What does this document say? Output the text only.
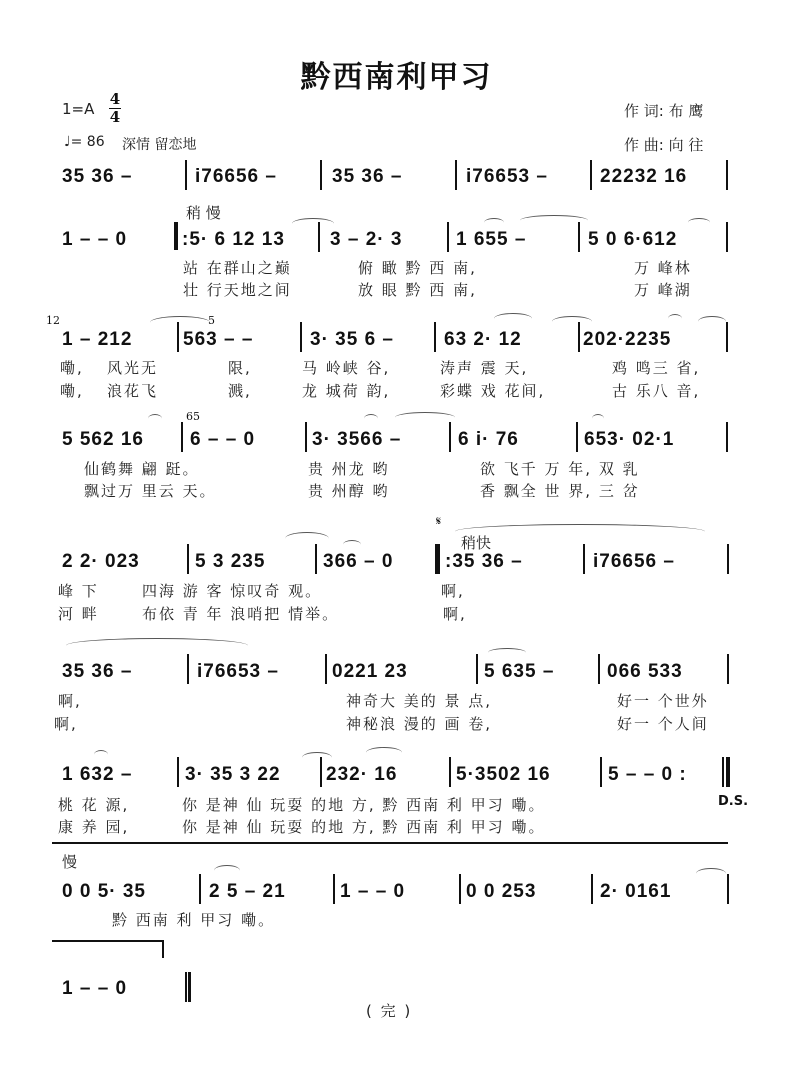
黔西南利甲习
1=A
4
4
♩= 86 深情 留恋地
作 词: 布 鹰
作 曲: 向 往
35 36 –	i76656 –	35 36 –	i76653 –	22232 16
稍 慢
1 – – 0	:5· 6 12 13 3 – 2· 3	1 655 –	5 0 6·612
站 在群山之巅	俯 瞰 黔 西 南,	万 峰林
壮 行天地之间	放 眼 黔 西 南,	万 峰湖
12
1 – 212
5
563 – –	3· 35 6 –	63 2· 12	202·2235
嘞, 风光无	限,	马 岭峡 谷,	涛声 震 天,	鸡 鸣三 省,
嘞, 浪花飞	溅,	龙 城荷 韵,	彩蝶 戏 花间,	古 乐八 音,
5 562 16
65
6 – – 0	3· 3566 –	6 i· 76	653· 02·1
仙鹤舞 翩 跹。	贵 州龙 哟	欲 飞千 万 年, 双 乳
飘过万 里云 天。	贵 州醇 哟	香 飘全 世 界, 三 岔
𝄋
稍快
2 2· 023	5 3 235	366 – 0	:35 36 –	i76656 –
峰 下	四海 游 客 惊叹奇 观。	啊,
河 畔	布依 青 年 浪哨把 情举。	啊,
35 36 –	i76653 –	0221 23	5 635 –	066 533
啊,	神奇大 美的 景 点,	好一 个世外
啊,	神秘浪 漫的 画 卷,	好一 个人间
1 632 –	3· 35 3 22 232· 16	5·3502 16	5 – – 0 :
D.S.
桃 花 源,	你 是神 仙 玩耍 的地 方, 黔 西南 利 甲习 嘞。
康 养 园,	你 是神 仙 玩耍 的地 方, 黔 西南 利 甲习 嘞。
慢
0 0 5· 35	2 5 – 21	1 – – 0	0 0 253	2· 0161
黔 西南 利 甲习 嘞。
1 – – 0
( 完 )
